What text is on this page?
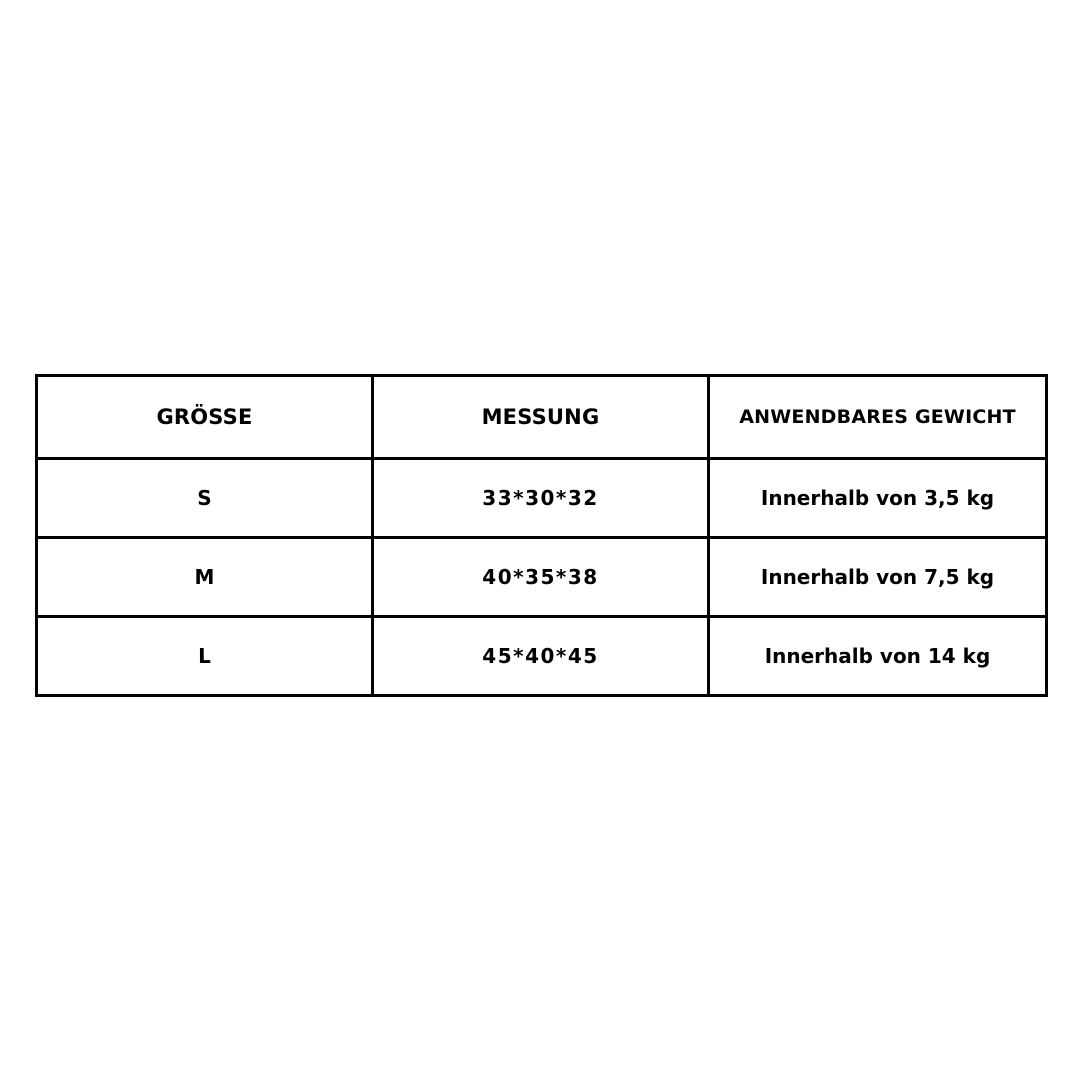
GRÖSSE	MESSUNG	ANWENDBARES GEWICHT
S	33*30*32	Innerhalb von 3,5 kg
M	40*35*38	Innerhalb von 7,5 kg
L	45*40*45	Innerhalb von 14 kg
